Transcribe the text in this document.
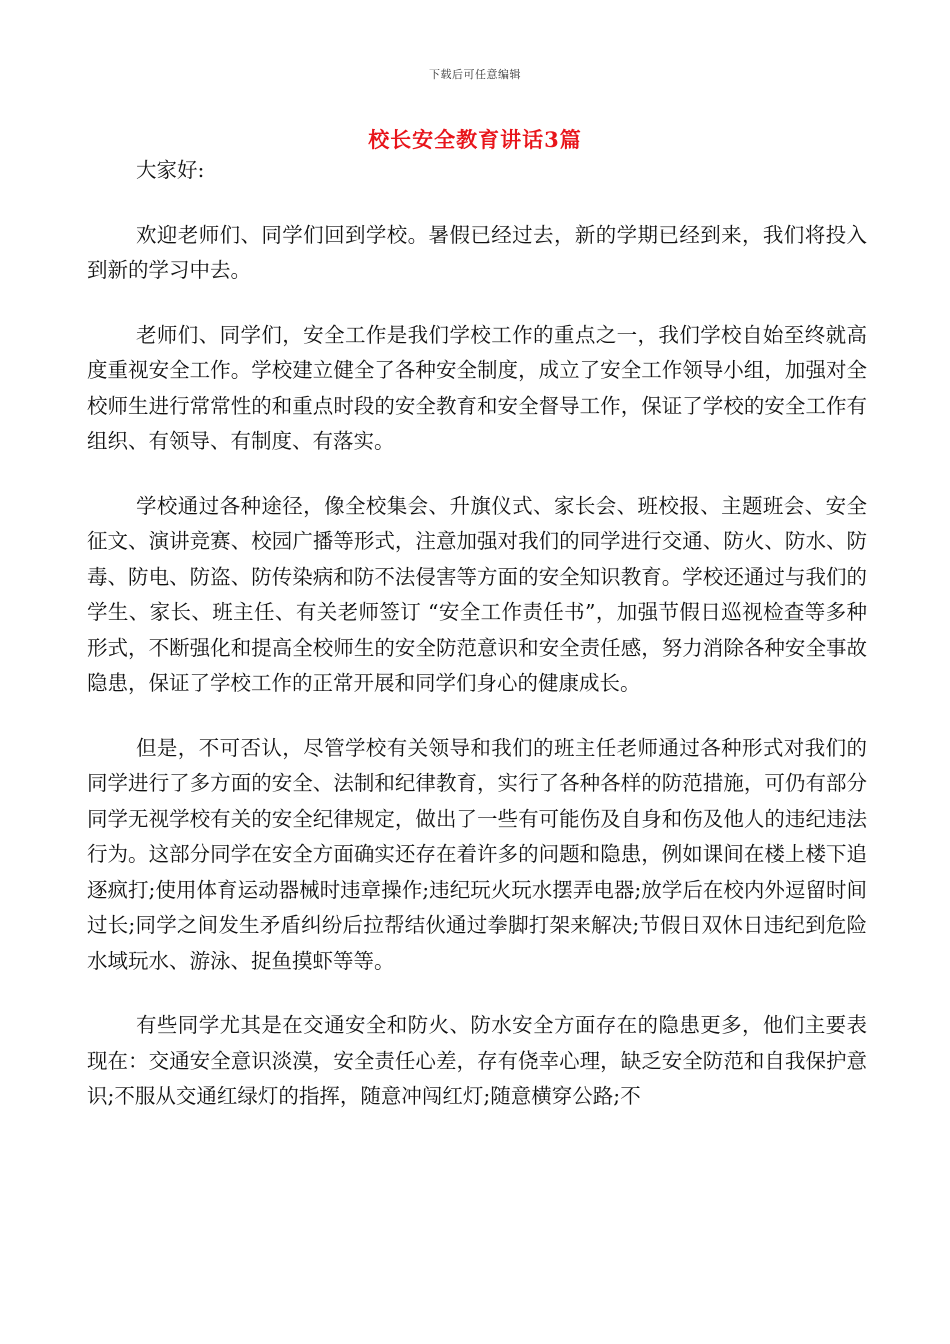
下载后可任意编辑
校长安全教育讲话3篇

大家好:

欢迎老师们、同学们回到学校。暑假已经过去，新的学期已经到来，我们将投入到新的学习中去。

老师们、同学们，安全工作是我们学校工作的重点之一，我们学校自始至终就高度重视安全工作。学校建立健全了各种安全制度，成立了安全工作领导小组，加强对全校师生进行常常性的和重点时段的安全教育和安全督导工作，保证了学校的安全工作有组织、有领导、有制度、有落实。

学校通过各种途径，像全校集会、升旗仪式、家长会、班校报、主题班会、安全征文、演讲竞赛、校园广播等形式，注意加强对我们的同学进行交通、防火、防水、防毒、防电、防盗、防传染病和防不法侵害等方面的安全知识教育。学校还通过与我们的学生、家长、班主任、有关老师签订 “安全工作责任书”，加强节假日巡视检查等多种形式，不断强化和提高全校师生的安全防范意识和安全责任感，努力消除各种安全事故隐患，保证了学校工作的正常开展和同学们身心的健康成长。

但是，不可否认，尽管学校有关领导和我们的班主任老师通过各种形式对我们的同学进行了多方面的安全、法制和纪律教育，实行了各种各样的防范措施，可仍有部分同学无视学校有关的安全纪律规定，做出了一些有可能伤及自身和伤及他人的违纪违法行为。这部分同学在安全方面确实还存在着许多的问题和隐患，例如课间在楼上楼下追逐疯打;使用体育运动器械时违章操作;违纪玩火玩水摆弄电器;放学后在校内外逗留时间过长;同学之间发生矛盾纠纷后拉帮结伙通过拳脚打架来解决;节假日双休日违纪到危险水域玩水、游泳、捉鱼摸虾等等。

有些同学尤其是在交通安全和防火、防水安全方面存在的隐患更多，他们主要表现在：交通安全意识淡漠，安全责任心差，存有侥幸心理，缺乏安全防范和自我保护意识;不服从交通红绿灯的指挥，随意冲闯红灯;随意横穿公路;不
